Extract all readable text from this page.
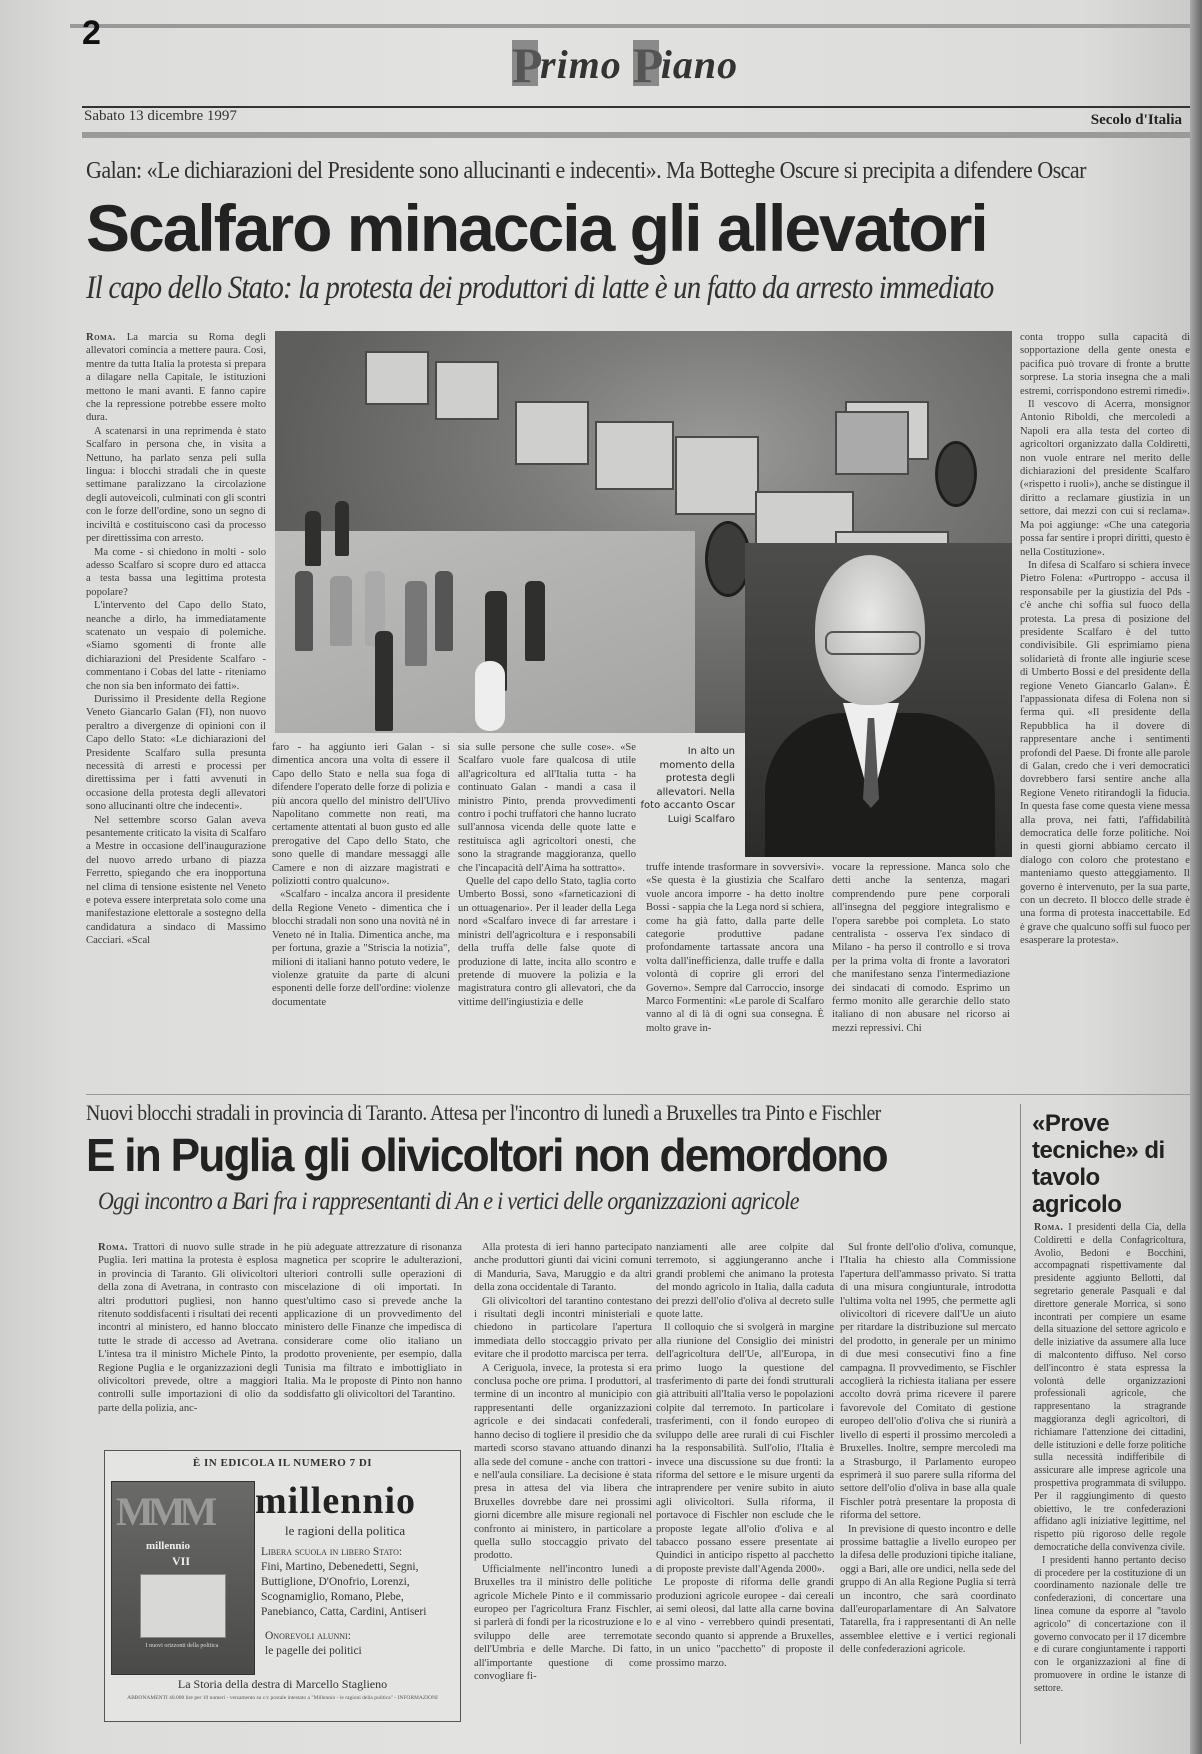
2
P
rimo P
iano
Sabato 13 dicembre 1997	Secolo d'Italia
Galan: «Le dichiarazioni del Presidente sono allucinanti e indecenti». Ma Botteghe Oscure si precipita a difendere Oscar
Scalfaro minaccia gli allevatori
Il capo dello Stato: la protesta dei produttori di latte è un fatto da arresto immediato

Roma. La marcia su Roma degli allevatori comincia a mettere paura. Così, mentre da tutta Italia la protesta si prepara a dilagare nella Capitale, le istituzioni mettono le mani avanti. E fanno capire che la repressione potrebbe essere molto dura.

A scatenarsi in una reprimenda è stato Scalfaro in persona che, in visita a Nettuno, ha parlato senza peli sulla lingua: i blocchi stradali che in queste settimane paralizzano la circolazione degli autoveicoli, culminati con gli scontri con le forze dell'ordine, sono un segno di inciviltà e costituiscono casi da processo per direttissima con arresto.

Ma come - si chiedono in molti - solo adesso Scalfaro si scopre duro ed attacca a testa bassa una legittima protesta popolare?

L'intervento del Capo dello Stato, neanche a dirlo, ha immediatamente scatenato un vespaio di polemiche. «Siamo sgomenti di fronte alle dichiarazioni del Presidente Scalfaro - commentano i Cobas del latte - riteniamo che non sia ben informato dei fatti».

Durissimo il Presidente della Regione Veneto Giancarlo Galan (FI), non nuovo peraltro a divergenze di opinioni con il Capo dello Stato: «Le dichiarazioni del Presidente Scalfaro sulla presunta necessità di arresti e processi per direttissima per i fatti avvenuti in occasione della protesta degli allevatori sono allucinanti oltre che indecenti».

Nel settembre scorso Galan aveva pesantemente criticato la visita di Scalfaro a Mestre in occasione dell'inaugurazione del nuovo arredo urbano di piazza Ferretto, spiegando che era inopportuna nel clima di tensione esistente nel Veneto e poteva essere interpretata solo come una manifestazione elettorale a sostegno della candidatura a sindaco di Massimo Cacciari. «Scal

In alto un momento della protesta degli allevatori. Nella foto accanto Oscar Luigi Scalfaro

faro - ha aggiunto ieri Galan - si dimentica ancora una volta di essere il Capo dello Stato e nella sua foga di difendere l'operato delle forze di polizia e più ancora quello del ministro dell'Ulivo Napolitano commette non reati, ma certamente attentati al buon gusto ed alle prerogative del Capo dello Stato, che sono quelle di mandare messaggi alle Camere e non di aizzare magistrati e poliziotti contro qualcuno».

«Scalfaro - incalza ancora il presidente della Regione Veneto - dimentica che i blocchi stradali non sono una novità né in Veneto né in Italia. Dimentica anche, ma per fortuna, grazie a "Striscia la notizia", milioni di italiani hanno potuto vedere, le violenze gratuite da parte di alcuni esponenti delle forze dell'ordine: violenze documentate

sia sulle persone che sulle cose». «Se Scalfaro vuole fare qualcosa di utile all'agricoltura ed all'Italia tutta - ha continuato Galan - mandi a casa il ministro Pinto, prenda provvedimenti contro i pochi truffatori che hanno lucrato sull'annosa vicenda delle quote latte e restituisca agli agricoltori onesti, che sono la stragrande maggioranza, quello che l'incapacità dell'Aima ha sottratto».

Quelle del capo dello Stato, taglia corto Umberto Bossi, sono «farneticazioni di un ottuagenario». Per il leader della Lega nord «Scalfaro invece di far arrestare i ministri dell'agricoltura e i responsabili della truffa delle false quote di produzione di latte, incita allo scontro e pretende di muovere la polizia e la magistratura contro gli allevatori, che da vittime dell'ingiustizia e delle

truffe intende trasformare in sovversivi». «Se questa è la giustizia che Scalfaro vuole ancora imporre - ha detto inoltre Bossi - sappia che la Lega nord si schiera, come ha già fatto, dalla parte delle categorie produttive padane profondamente tartassate ancora una volta dall'inefficienza, dalle truffe e dalla volontà di coprire gli errori del Governo». Sempre dal Carroccio, insorge Marco Formentini: «Le parole di Scalfaro vanno al di là di ogni sua consegna. È molto grave in-

vocare la repressione. Manca solo che detti anche la sentenza, magari comprendendo pure pene corporali all'insegna del peggiore integralismo e l'opera sarebbe poi completa. Lo stato centralista - osserva l'ex sindaco di Milano - ha perso il controllo e si trova per la prima volta di fronte a lavoratori che manifestano senza l'intermediazione dei sindacati di comodo. Esprimo un fermo monito alle gerarchie dello stato italiano di non abusare nel ricorso ai mezzi repressivi. Chi

conta troppo sulla capacità di sopportazione della gente onesta e pacifica può trovare di fronte a brutte sorprese. La storia insegna che a mali estremi, corrispondono estremi rimedi».

Il vescovo di Acerra, monsignor Antonio Riboldi, che mercoledì a Napoli era alla testa del corteo di agricoltori organizzato dalla Coldiretti, non vuole entrare nel merito delle dichiarazioni del presidente Scalfaro («rispetto i ruoli»), anche se distingue il diritto a reclamare giustizia in un settore, dai mezzi con cui si reclama». Ma poi aggiunge: «Che una categoria possa far sentire i propri diritti, questo è nella Costituzione».

In difesa di Scalfaro si schiera invece Pietro Folena: «Purtroppo - accusa il responsabile per la giustizia del Pds - c'è anche chi soffia sul fuoco della protesta. La presa di posizione del presidente Scalfaro è del tutto condivisibile. Gli esprimiamo piena solidarietà di fronte alle ingiurie scese di Umberto Bossi e del presidente della regione Veneto Giancarlo Galan». È l'appassionata difesa di Folena non si ferma qui. «Il presidente della Repubblica ha il dovere di rappresentare anche i sentimenti profondi del Paese. Di fronte alle parole di Galan, credo che i veri democratici dovrebbero farsi sentire anche alla Regione Veneto ritirandogli la fiducia. In questa fase come questa viene messa alla prova, nei fatti, l'affidabilità democratica delle forze politiche. Noi in questi giorni abbiamo cercato il dialogo con coloro che protestano e manteniamo questo atteggiamento. Il governo è intervenuto, per la sua parte, con un decreto. Il blocco delle strade è una forma di protesta inaccettabile. Ed è grave che qualcuno soffi sul fuoco per esasperare la protesta».

Nuovi blocchi stradali in provincia di Taranto. Attesa per l'incontro di lunedì a Bruxelles tra Pinto e Fischler
E in Puglia gli olivicoltori non demordono
Oggi incontro a Bari fra i rappresentanti di An e i vertici delle organizzazioni agricole

Roma. Trattori di nuovo sulle strade in Puglia. Ieri mattina la protesta è esplosa in provincia di Taranto. Gli olivicoltori della zona di Avetrana, in contrasto con altri produttori pugliesi, non hanno ritenuto soddisfacenti i risultati dei recenti incontri al ministero, ed hanno bloccato tutte le strade di accesso ad Avetrana. L'intesa tra il ministro Michele Pinto, la Regione Puglia e le organizzazioni degli olivicoltori prevede, oltre a maggiori controlli sulle importazioni di olio da parte della polizia, anc-

he più adeguate attrezzature di risonanza magnetica per scoprire le adulterazioni, ulteriori controlli sulle operazioni di miscelazione di oli importati. In quest'ultimo caso si prevede anche la applicazione di un provvedimento del ministero delle Finanze che impedisca di considerare come olio italiano un prodotto proveniente, per esempio, dalla Tunisia ma filtrato e imbottigliato in Italia. Ma le proposte di Pinto non hanno soddisfatto gli olivicoltori del Tarantino.

Alla protesta di ieri hanno partecipato anche produttori giunti dai vicini comuni di Manduria, Sava, Maruggio e da altri della zona occidentale di Taranto.

Gli olivicoltori del tarantino contestano i risultati degli incontri ministeriali e chiedono in particolare l'apertura immediata dello stoccaggio privato per evitare che il prodotto marcisca per terra.

A Ceriguola, invece, la protesta si era conclusa poche ore prima. I produttori, al termine di un incontro al municipio con rappresentanti delle organizzazioni agricole e dei sindacati confederali, hanno deciso di togliere il presidio che da martedì scorso stavano attuando dinanzi alla sede del comune - anche con trattori - e nell'aula consiliare. La decisione è stata presa in attesa del via libera che Bruxelles dovrebbe dare nei prossimi giorni dicembre alle misure regionali nel confronto ai ministero, in particolare a quella sullo stoccaggio privato del prodotto.

Ufficialmente nell'incontro lunedì a Bruxelles tra il ministro delle politiche agricole Michele Pinto e il commissario europeo per l'agricoltura Franz Fischler, si parlerà di fondi per la ricostruzione e lo sviluppo delle aree terremotate dell'Umbria e delle Marche. Di fatto, all'importante questione di come convogliare fi-

nanziamenti alle aree colpite dal terremoto, si aggiungeranno anche i grandi problemi che animano la protesta del mondo agricolo in Italia, dalla caduta dei prezzi dell'olio d'oliva al decreto sulle quote latte.

Il colloquio che si svolgerà in margine alla riunione del Consiglio dei ministri dell'agricoltura dell'Ue, all'Europa, in primo luogo la questione del trasferimento di parte dei fondi strutturali già attribuiti all'Italia verso le popolazioni colpite dal terremoto. In particolare i trasferimenti, con il fondo europeo di sviluppo delle aree rurali di cui Fischler ha la responsabilità. Sull'olio, l'Italia è invece una discussione su due fronti: la riforma del settore e le misure urgenti da intraprendere per venire subito in aiuto agli olivicoltori. Sulla riforma, il portavoce di Fischler non esclude che le proposte legate all'olio d'oliva e al tabacco possano essere presentate ai Quindici in anticipo rispetto al pacchetto di proposte previste dall'Agenda 2000».

Le proposte di riforma delle grandi produzioni agricole europee - dai cereali ai semi oleosi, dal latte alla carne bovina e al vino - verrebbero quindi presentati, secondo quanto si apprende a Bruxelles, in un unico "pacchetto" di proposte il prossimo marzo.

Sul fronte dell'olio d'oliva, comunque, l'Italia ha chiesto alla Commissione l'apertura dell'ammasso privato. Si tratta di una misura congiunturale, introdotta l'ultima volta nel 1995, che permette agli olivicoltori di ricevere dall'Ue un aiuto per ritardare la distribuzione sul mercato del prodotto, in generale per un minimo di due mesi consecutivi fino a fine campagna. Il provvedimento, se Fischler accoglierà la richiesta italiana per essere accolto dovrà prima ricevere il parere favorevole del Comitato di gestione europeo dell'olio d'oliva che si riunirà a livello di esperti il prossimo mercoledì a Bruxelles. Inoltre, sempre mercoledì ma a Strasburgo, il Parlamento europeo esprimerà il suo parere sulla riforma del settore dell'olio d'oliva in base alla quale Fischler potrà presentare la proposta di riforma del settore.

In previsione di questo incontro e delle prossime battaglie a livello europeo per la difesa delle produzioni tipiche italiane, oggi a Bari, alle ore undici, nella sede del gruppo di An alla Regione Puglia si terrà un incontro, che sarà coordinato dall'europarlamentare di An Salvatore Tatarella, fra i rappresentanti di An nelle assemblee elettive e i vertici regionali delle confederazioni agricole.

«Prove tecniche» di tavolo agricolo

Roma. I presidenti della Cia, della Coldiretti e della Confagricoltura, Avolio, Bedoni e Bocchini, accompagnati rispettivamente dal presidente aggiunto Bellotti, dal segretario generale Pasquali e dal direttore generale Morrica, si sono incontrati per compiere un esame della situazione del settore agricolo e delle iniziative da assumere alla luce di malcontento diffuso. Nel corso dell'incontro è stata espressa la volontà delle organizzazioni professionali agricole, che rappresentano la stragrande maggioranza degli agricoltori, di richiamare l'attenzione dei cittadini, delle istituzioni e delle forze politiche sulla necessità indifferibile di assicurare alle imprese agricole una prospettiva programmata di sviluppo. Per il raggiungimento di questo obiettivo, le tre confederazioni affidano agli iniziative legittime, nel rispetto più rigoroso delle regole democratiche della convivenza civile.

I presidenti hanno pertanto deciso di procedere per la costituzione di un coordinamento nazionale delle tre confederazioni, di concertare una linea comune da esporre al "tavolo agricolo" di concertazione con il governo convocato per il 17 dicembre e di curare congiuntamente i rapporti con le organizzazioni al fine di promuovere in ordine le istanze di settore.

È IN EDICOLA IL NUMERO 7 DI
MMM
millennio
VII
I nuovi orizzonti della politica
millennio
le ragioni della politica
Libera scuola in libero Stato:
Fini, Martino, Debenedetti, Segni, Buttiglione, D'Onofrio, Lorenzi, Scognamiglio, Romano, Plebe, Panebianco, Catta, Cardini, Antiseri
Onorevoli alunni:
le pagelle dei politici
La Storia della destra di Marcello Staglieno
ABBONAMENTI 40.000 lire per 10 numeri - versamento su c/c postale intestato a "Millennio - le ragioni della politica" - INFORMAZIONI
